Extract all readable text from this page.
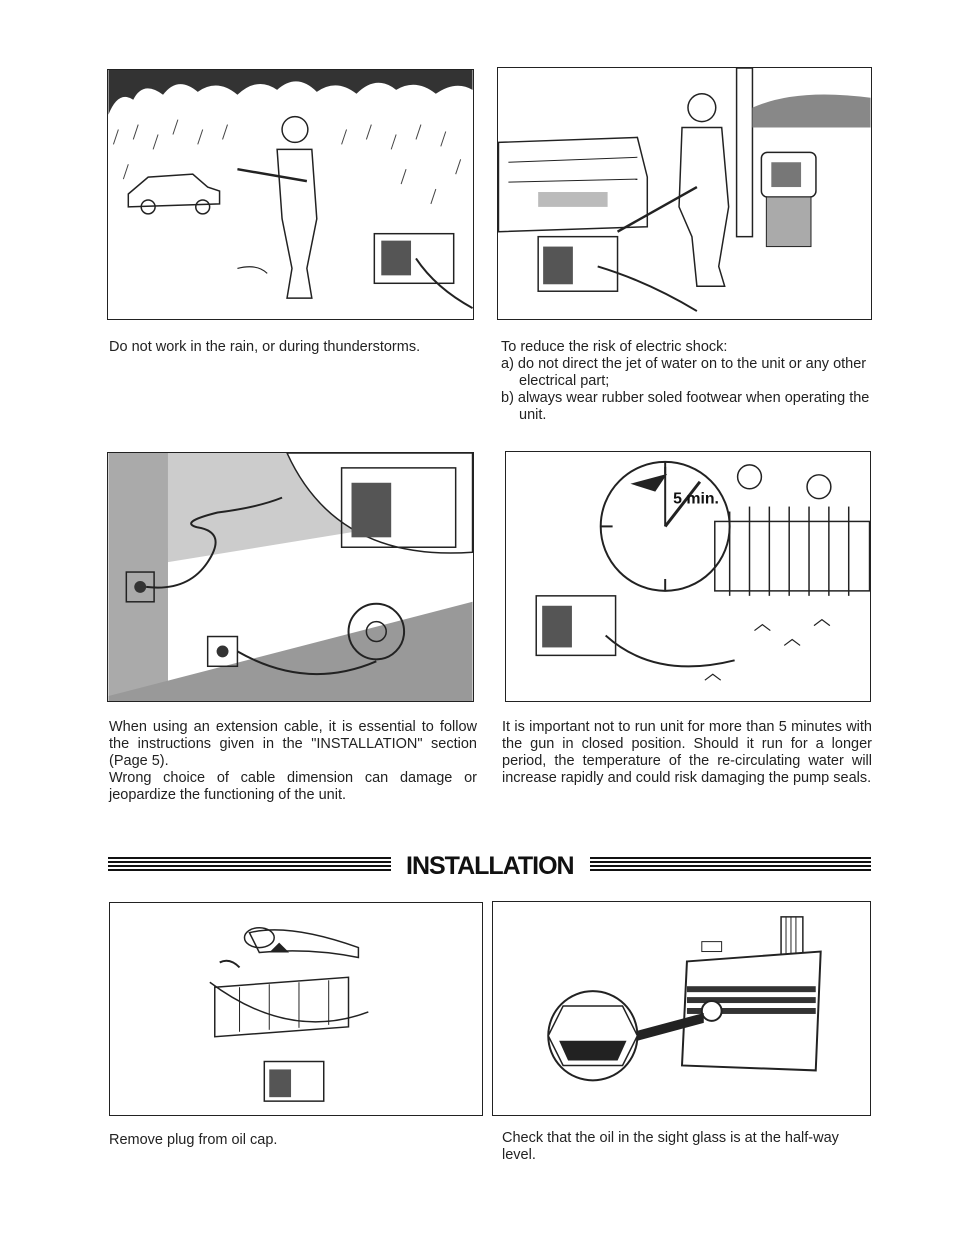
Do not work in the rain, or during thunderstorms.	To reduce the risk of electric shock:

a) do not direct the jet of water on to the unit or any other electrical part;

b) always wear rubber soled footwear when operating the unit.

5 min.

When using an extension cable, it is essential to follow the instructions given in the "INSTALLATION" section (Page 5).

Wrong choice of cable dimension can damage or jeopardize the functioning of the unit.

It is important not to run unit for more than 5 minutes with the gun in closed position. Should it run for a longer period, the temperature of the re-circulating water will increase rapidly and could risk damaging the pump seals.

INSTALLATION

Remove plug from oil cap.	Check that the oil in the sight glass is at the half-way level.
